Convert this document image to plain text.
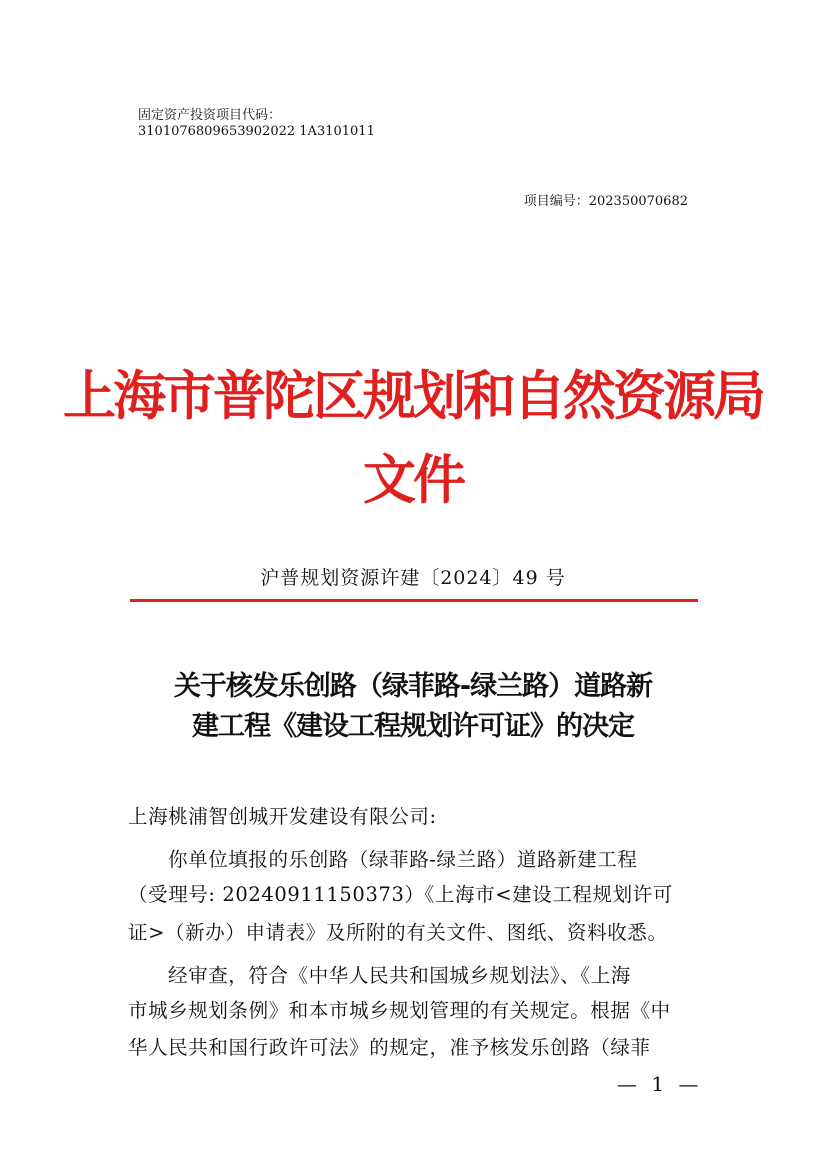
固定资产投资项目代码：
3101076809653902022 1A3101011
项目编号：202350070682
上海市普陀区规划和自然资源局
文件
沪普规划资源许建〔2024〕49 号
关于核发乐创路（绿菲路-绿兰路）道路新
建工程《建设工程规划许可证》的决定
上海桃浦智创城开发建设有限公司:
你单位填报的乐创路（绿菲路-绿兰路）道路新建工程
（受理号: 20240911150373）《上海市<建设工程规划许可
证>（新办）申请表》及所附的有关文件、图纸、资料收悉。
经审查，符合《中华人民共和国城乡规划法》、《上海
市城乡规划条例》和本市城乡规划管理的有关规定。根据《中
华人民共和国行政许可法》的规定，准予核发乐创路（绿菲
— 1 —
